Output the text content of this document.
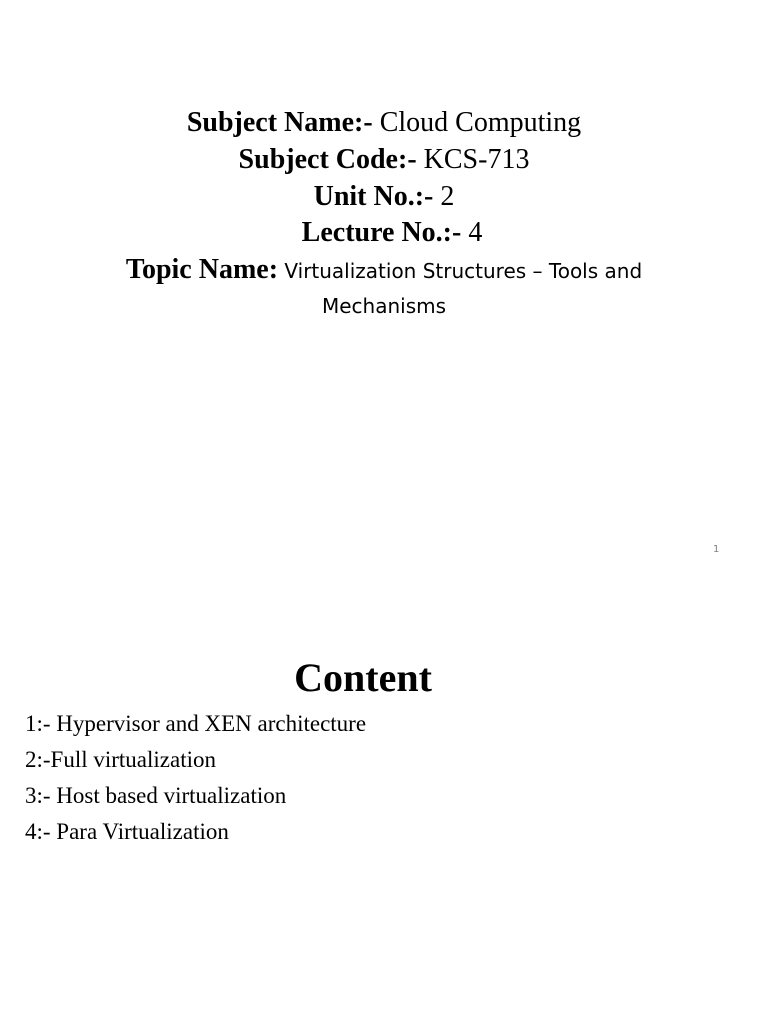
Subject Name:- Cloud Computing
Subject Code:- KCS-713
Unit No.:- 2
Lecture No.:- 4
Topic Name: Virtualization Structures – Tools and
Mechanisms
1
Content
1:- Hypervisor and XEN architecture
2:-Full virtualization
3:- Host based virtualization
4:- Para Virtualization
